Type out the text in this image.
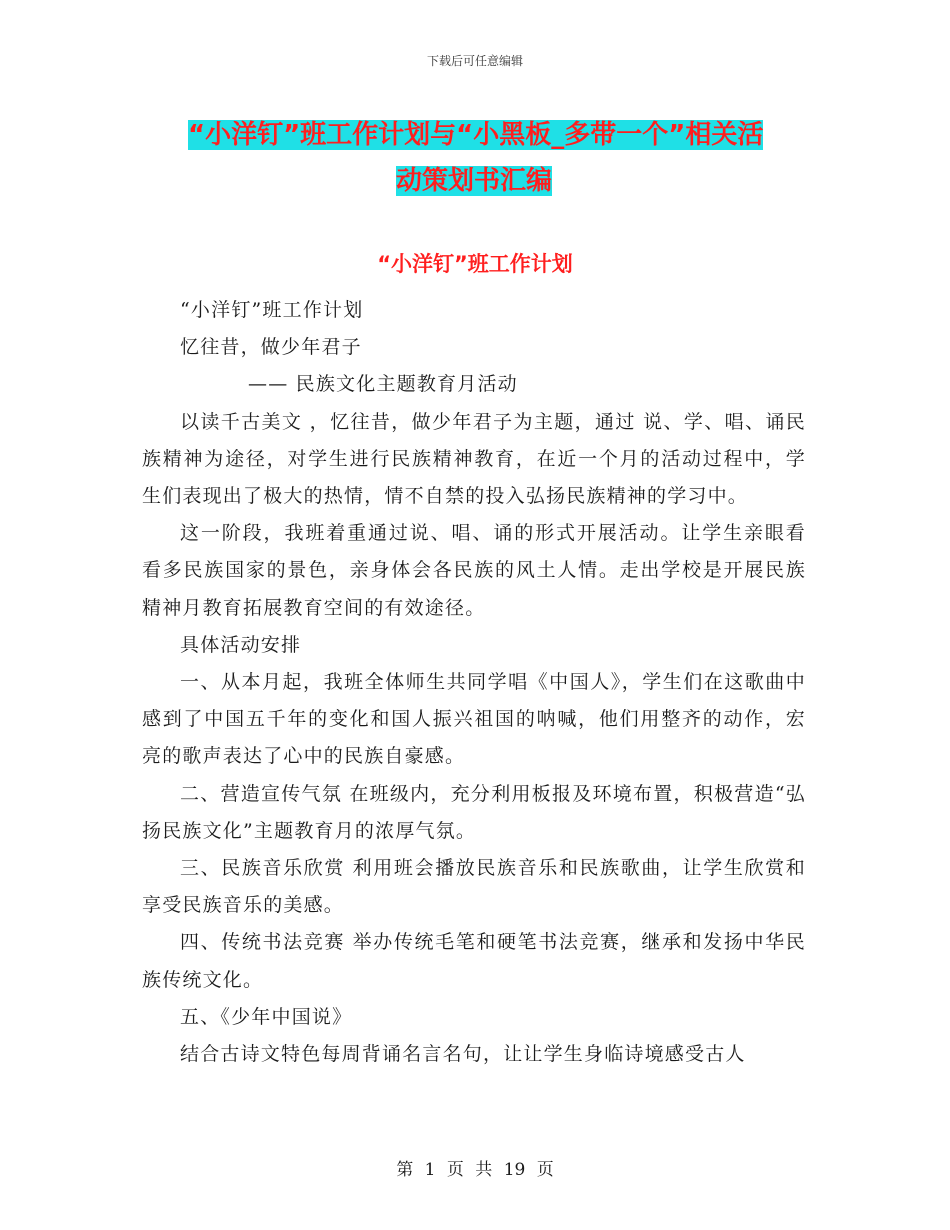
下载后可任意编辑
“小洋钉”班工作计划与“小黑板_多带一个”相关活
动策划书汇编
“小洋钉”班工作计划

“小洋钉”班工作计划

忆往昔，做少年君子

—— 民族文化主题教育月活动

以读千古美文 ，忆往昔，做少年君子为主题，通过 说、学、唱、诵民族精神为途径，对学生进行民族精神教育，在近一个月的活动过程中，学生们表现出了极大的热情，情不自禁的投入弘扬民族精神的学习中。

这一阶段，我班着重通过说、唱、诵的形式开展活动。让学生亲眼看看多民族国家的景色，亲身体会各民族的风土人情。走出学校是开展民族精神月教育拓展教育空间的有效途径。

具体活动安排

一、从本月起，我班全体师生共同学唱《中国人》，学生们在这歌曲中感到了中国五千年的变化和国人振兴祖国的呐喊，他们用整齐的动作，宏亮的歌声表达了心中的民族自豪感。

二、营造宣传气氛 在班级内，充分利用板报及环境布置，积极营造“弘扬民族文化”主题教育月的浓厚气氛。

三、民族音乐欣赏 利用班会播放民族音乐和民族歌曲，让学生欣赏和享受民族音乐的美感。

四、传统书法竞赛 举办传统毛笔和硬笔书法竞赛，继承和发扬中华民族传统文化。

五、《少年中国说》

结合古诗文特色每周背诵名言名句，让让学生身临诗境感受古人

第 1 页 共 19 页
